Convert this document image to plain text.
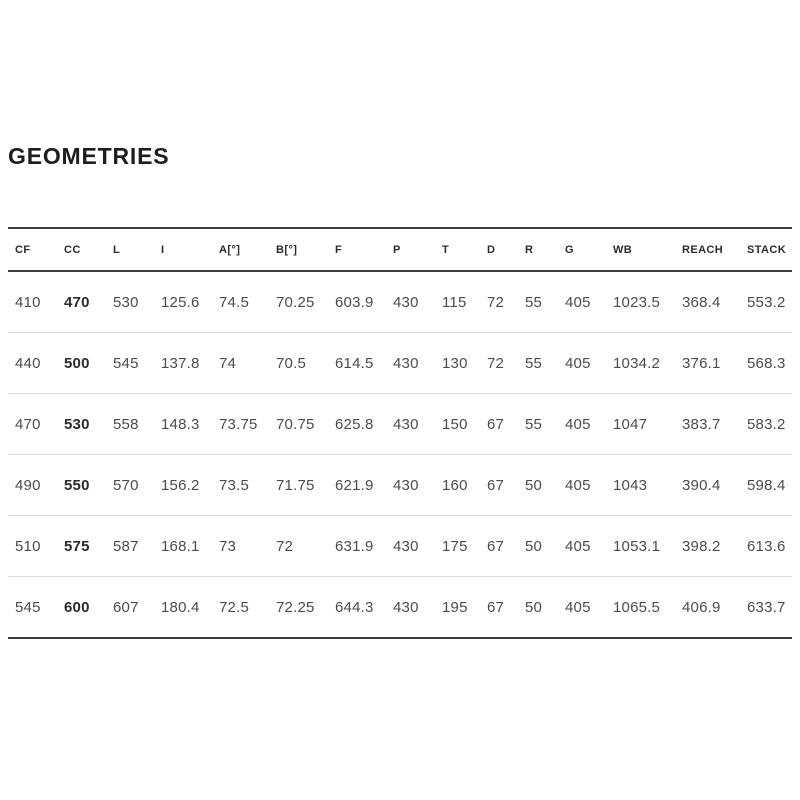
GEOMETRIES
CF	CC	L	I	A[°]	B[°]	F	P	T	D	R	G	WB	REACH	STACK
410	470	530	125.6	74.5	70.25	603.9	430	115	72	55	405	1023.5	368.4	553.2
440	500	545	137.8	74	70.5	614.5	430	130	72	55	405	1034.2	376.1	568.3
470	530	558	148.3	73.75	70.75	625.8	430	150	67	55	405	1047	383.7	583.2
490	550	570	156.2	73.5	71.75	621.9	430	160	67	50	405	1043	390.4	598.4
510	575	587	168.1	73	72	631.9	430	175	67	50	405	1053.1	398.2	613.6
545	600	607	180.4	72.5	72.25	644.3	430	195	67	50	405	1065.5	406.9	633.7
